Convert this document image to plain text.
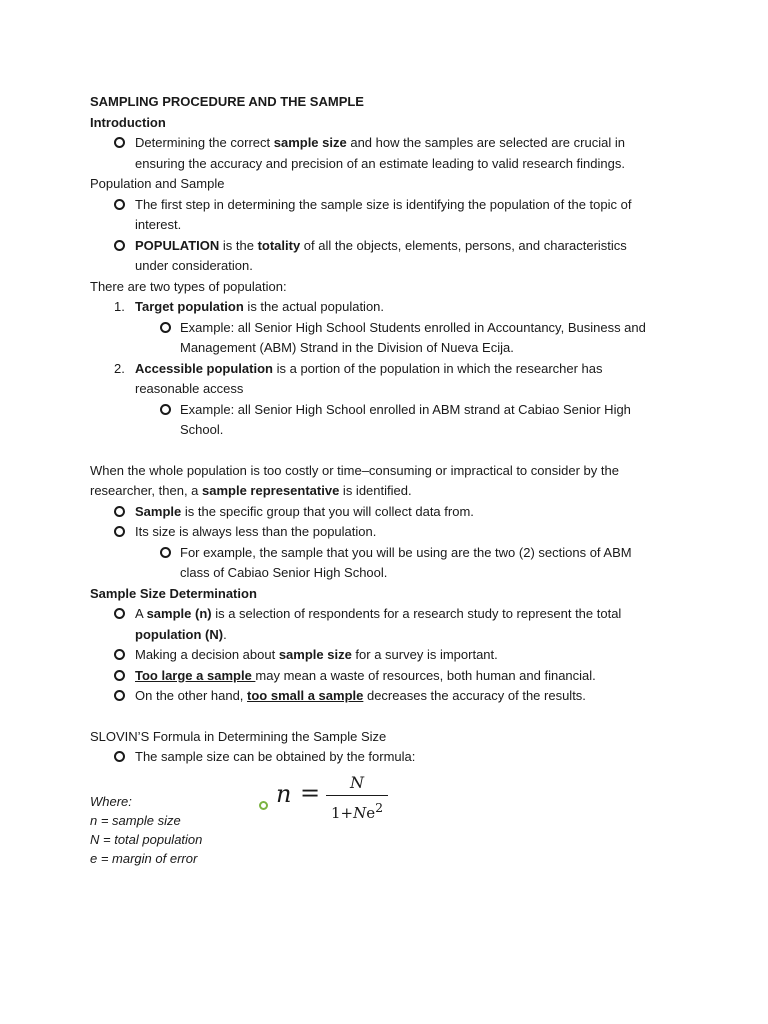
SAMPLING PROCEDURE AND THE SAMPLE
Introduction
Determining the correct sample size and how the samples are selected are crucial in
ensuring the accuracy and precision of an estimate leading to valid research findings.
Population and Sample
The first step in determining the sample size is identifying the population of the topic of
interest.
POPULATION is the totality of all the objects, elements, persons, and characteristics
under consideration.
There are two types of population:
1. Target population is the actual population.
Example: all Senior High School Students enrolled in Accountancy, Business and
Management (ABM) Strand in the Division of Nueva Ecija.
2. Accessible population is a portion of the population in which the researcher has
reasonable access
Example: all Senior High School enrolled in ABM strand at Cabiao Senior High
School.
When the whole population is too costly or time–consuming or impractical to consider by the
researcher, then, a sample representative is identified.
Sample is the specific group that you will collect data from.
Its size is always less than the population.
For example, the sample that you will be using are the two (2) sections of ABM
class of Cabiao Senior High School.
Sample Size Determination
A sample (n) is a selection of respondents for a research study to represent the total
population (N).
Making a decision about sample size for a survey is important.
Too large a sample may mean a waste of resources, both human and financial.
On the other hand, too small a sample decreases the accuracy of the results.
SLOVIN’S Formula in Determining the Sample Size
The sample size can be obtained by the formula:
$n = \frac{N}{1+Ne^2}$
Where:
n = sample size
N = total population
e = margin of error
